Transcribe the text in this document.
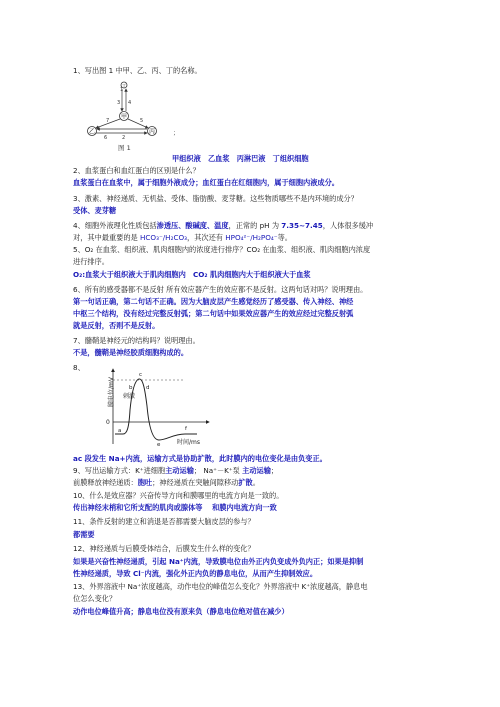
1、写出图 1 中甲、乙、丙、丁的名称。
甲
乙	丙
丁
1
2
3 4
5
6
7
；
图 1
甲组织液　乙血浆　丙淋巴液　丁组织细胞
2、血浆蛋白和血红蛋白的区别是什么？
血浆蛋白在血浆中，属于细胞外液成分；血红蛋白在红细胞内，属于细胞内液成分。
3、激素、神经递质、无机盐、受体、脂肪酸、麦芽糖。这些物质哪些不是内环境的成分？
受体、麦芽糖
4、细胞外液理化性质包括渗透压、酸碱度、温度，正常的 pH 为 7.35~7.45，人体很多缓冲
对，其中最重要的是 HCO₃⁻/H₂CO₃，其次还有 HPO₄²⁻/H₂PO₄⁻等。
5、O₂ 在血浆、组织液、肌肉细胞内的浓度进行排序？CO₂ 在血浆、组织液、肌肉细胞内浓度
进行排序。
O₂:血浆大于组织液大于肌肉细胞内　CO₂ 肌肉细胞内大于组织液大于血浆
6、所有的感受器都不是反射 所有效应器产生的效应都不是反射。这两句话对吗？说明理由。
第一句话正确，第二句话不正确。因为大脑皮层产生感觉经历了感受器、传入神经、神经
中枢三个结构，没有经过完整反射弧；第二句话中如果效应器产生的效应经过完整反射弧
就是反射，否则不是反射。
7、髓鞘是神经元的结构吗？说明理由。
不是，髓鞘是神经胶质细胞构成的。
8、
膜电位/mV
时间/ms
刺激
a
b
c
d
e
f
0
ac 段发生 Na+内流，运输方式是协助扩散，此时膜内的电位变化是由负变正。
9、写出运输方式：K⁺进细胞主动运输； Na⁺－K⁺泵 主动运输；
前膜释放神经递质：胞吐；神经递质在突触间隙移动扩散。
10、什么是效应器？兴奋传导方向和膜哪里的电流方向是一致的。
传出神经末梢和它所支配的肌肉或腺体等　 和膜内电流方向一致
11、条件反射的建立和消退是否都需要大脑皮层的参与？
都需要
12、神经递质与后膜受体结合，后膜发生什么样的变化？
如果是兴奋性神经递质，引起 Na⁺内流，导致膜电位由外正内负变成外负内正；如果是抑制
性神经递质，导致 Cl⁻内流，强化外正内负的静息电位，从而产生抑制效应。
13、外界溶液中 Na⁺浓度越高，动作电位的峰值怎么变化？外界溶液中 K⁺浓度越高，静息电
位怎么变化？
动作电位峰值升高；静息电位没有原来负（静息电位绝对值在减少）
